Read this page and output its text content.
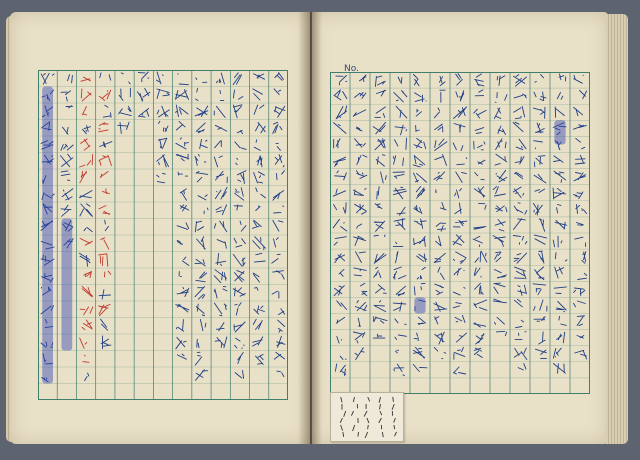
No.
